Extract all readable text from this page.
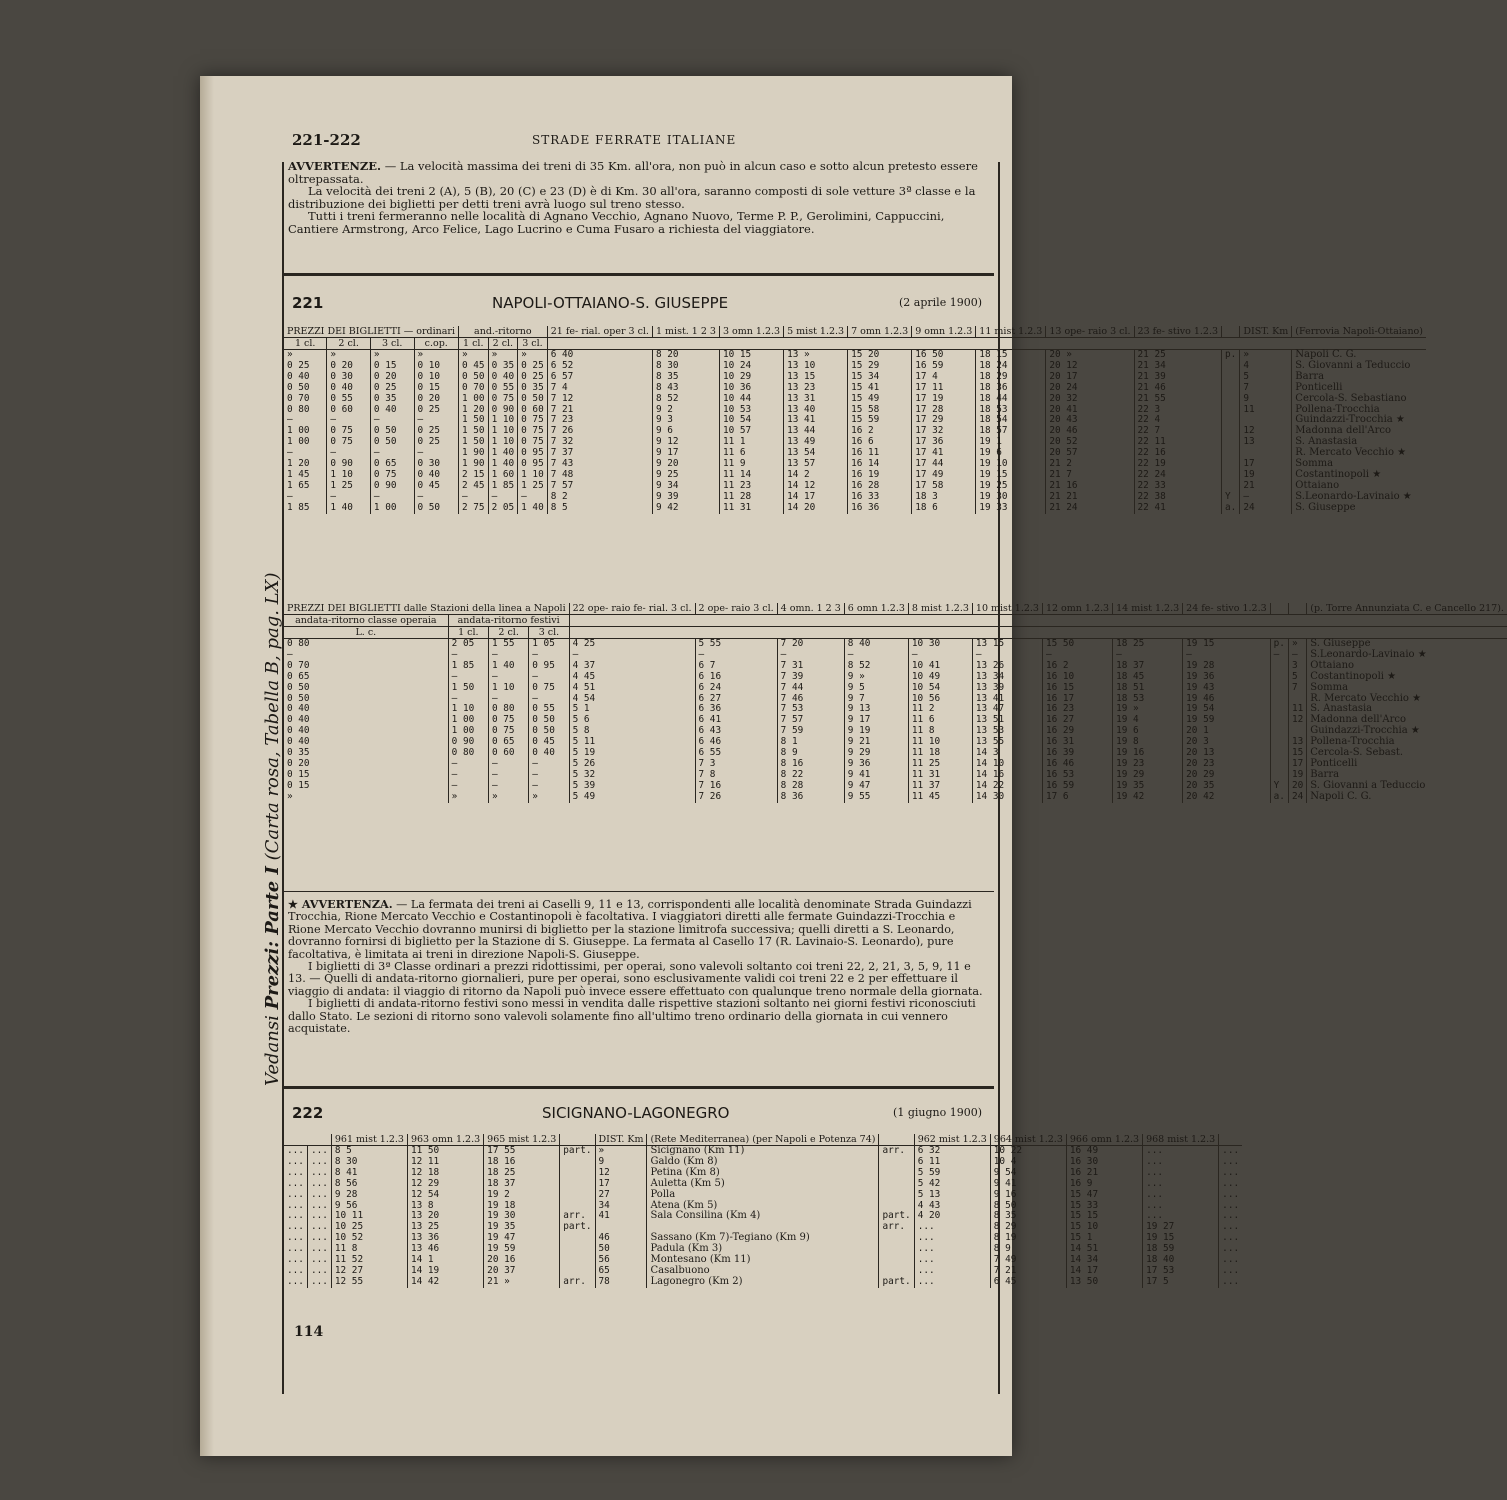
221-222	STRADE FERRATE ITALIANE
Vedansi Prezzi: Parte I (Carta rosa, Tabella B, pag. LX)

AVVERTENZE. — La velocità massima dei treni di 35 Km. all'ora, non può in alcun caso e sotto alcun pretesto essere oltrepassata.

La velocità dei treni 2 (A), 5 (B), 20 (C) e 23 (D) è di Km. 30 all'ora, saranno composti di sole vetture 3ª classe e la distribuzione dei biglietti per detti treni avrà luogo sul treno stesso.

Tutti i treni fermeranno nelle località di Agnano Vecchio, Agnano Nuovo, Terme P. P., Gerolimini, Cappuccini, Cantiere Armstrong, Arco Felice, Lago Lucrino e Cuma Fusaro a richiesta del viaggiatore.

221	NAPOLI-OTTAIANO-S. GIUSEPPE	(2 aprile 1900)
PREZZI DEI BIGLIETTI — ordinari				and.-ritorno			21 fe- rial. oper 3 cl.	1 mist. 1 2 3	3 omn 1.2.3	5 mist 1.2.3	7 omn 1.2.3	9 omn 1.2.3	11 mist 1.2.3	13 ope- raio 3 cl.	23 fe- stivo 1.2.3		DIST. Km	(Ferrovia Napoli-Ottaiano)
1 cl.	2 cl.	3 cl.	c.op.	1 cl.	2 cl.	3 cl.												
»	»	»	»	»	»	»	6 40	8 20	10 15	13 »	15 20	16 50	18 15	20 »	21 25	p.	»	Napoli C. G.
0 25	0 20	0 15	0 10	0 45	0 35	0 25	6 52	8 30	10 24	13 10	15 29	16 59	18 24	20 12	21 34		4	S. Giovanni a Teduccio
0 40	0 30	0 20	0 10	0 50	0 40	0 25	6 57	8 35	10 29	13 15	15 34	17 4	18 29	20 17	21 39		5	Barra
0 50	0 40	0 25	0 15	0 70	0 55	0 35	7 4	8 43	10 36	13 23	15 41	17 11	18 36	20 24	21 46		7	Ponticelli
0 70	0 55	0 35	0 20	1 00	0 75	0 50	7 12	8 52	10 44	13 31	15 49	17 19	18 44	20 32	21 55		9	Cercola-S. Sebastiano
0 80	0 60	0 40	0 25	1 20	0 90	0 60	7 21	9 2	10 53	13 40	15 58	17 28	18 53	20 41	22 3		11	Pollena-Trocchia
—	—	—	—	1 50	1 10	0 75	7 23	9 3	10 54	13 41	15 59	17 29	18 54	20 43	22 4			Guindazzi-Trocchia ★
1 00	0 75	0 50	0 25	1 50	1 10	0 75	7 26	9 6	10 57	13 44	16 2	17 32	18 57	20 46	22 7		12	Madonna dell'Arco
1 00	0 75	0 50	0 25	1 50	1 10	0 75	7 32	9 12	11 1	13 49	16 6	17 36	19 1	20 52	22 11		13	S. Anastasia
—	—	—	—	1 90	1 40	0 95	7 37	9 17	11 6	13 54	16 11	17 41	19 6	20 57	22 16			R. Mercato Vecchio ★
1 20	0 90	0 65	0 30	1 90	1 40	0 95	7 43	9 20	11 9	13 57	16 14	17 44	19 10	21 2	22 19		17	Somma
1 45	1 10	0 75	0 40	2 15	1 60	1 10	7 48	9 25	11 14	14 2	16 19	17 49	19 15	21 7	22 24		19	Costantinopoli ★
1 65	1 25	0 90	0 45	2 45	1 85	1 25	7 57	9 34	11 23	14 12	16 28	17 58	19 25	21 16	22 33		21	Ottaiano
—	—	—	—	—	—	—	8 2	9 39	11 28	14 17	16 33	18 3	19 30	21 21	22 38	Y	—	S.Leonardo-Lavinaio ★
1 85	1 40	1 00	0 50	2 75	2 05	1 40	8 5	9 42	11 31	14 20	16 36	18 6	19 33	21 24	22 41	a.	24	S. Giuseppe
PREZZI DEI BIGLIETTI dalle Stazioni della linea a Napoli				22 ope- raio fe- rial. 3 cl.	2 ope- raio 3 cl.	4 omn. 1 2 3	6 omn 1.2.3	8 mist 1.2.3	10 mist 1.2.3	12 omn 1.2.3	14 mist 1.2.3	24 fe- stivo 1.2.3			(p. Torre Annunziata C. e Cancello 217).
andata-ritorno classe operaia	andata-ritorno festivi														
L. c.	1 cl.	2 cl.	3 cl.												
0 80	2 05	1 55	1 05	4 25	5 55	7 20	8 40	10 30	13 15	15 50	18 25	19 15	p.	»	S. Giuseppe
—	—	—	—	—	—	—	—	—	—	—	—	—	—	—	S.Leonardo-Lavinaio ★
0 70	1 85	1 40	0 95	4 37	6 7	7 31	8 52	10 41	13 26	16 2	18 37	19 28		3	Ottaiano
0 65	—	—	—	4 45	6 16	7 39	9 »	10 49	13 34	16 10	18 45	19 36		5	Costantinopoli ★
0 50	1 50	1 10	0 75	4 51	6 24	7 44	9 5	10 54	13 39	16 15	18 51	19 43		7	Somma
0 50	—	—	—	4 54	6 27	7 46	9 7	10 56	13 41	16 17	18 53	19 46			R. Mercato Vecchio ★
0 40	1 10	0 80	0 55	5 1	6 36	7 53	9 13	11 2	13 47	16 23	19 »	19 54		11	S. Anastasia
0 40	1 00	0 75	0 50	5 6	6 41	7 57	9 17	11 6	13 51	16 27	19 4	19 59		12	Madonna dell'Arco
0 40	1 00	0 75	0 50	5 8	6 43	7 59	9 19	11 8	13 53	16 29	19 6	20 1			Guindazzi-Trocchia ★
0 40	0 90	0 65	0 45	5 11	6 46	8 1	9 21	11 10	13 55	16 31	19 8	20 3		13	Pollena-Trocchia
0 35	0 80	0 60	0 40	5 19	6 55	8 9	9 29	11 18	14 3	16 39	19 16	20 13		15	Cercola-S. Sebast.
0 20	—	—	—	5 26	7 3	8 16	9 36	11 25	14 10	16 46	19 23	20 23		17	Ponticelli
0 15	—	—	—	5 32	7 8	8 22	9 41	11 31	14 16	16 53	19 29	20 29		19	Barra
0 15	—	—	—	5 39	7 16	8 28	9 47	11 37	14 22	16 59	19 35	20 35	Y	20	S. Giovanni a Teduccio
»	»	»	»	5 49	7 26	8 36	9 55	11 45	14 30	17 6	19 42	20 42	a.	24	Napoli C. G.

★ AVVERTENZA. — La fermata dei treni ai Caselli 9, 11 e 13, corrispondenti alle località denominate Strada Guindazzi Trocchia, Rione Mercato Vecchio e Costantinopoli è facoltativa. I viaggiatori diretti alle fermate Guindazzi-Trocchia e Rione Mercato Vecchio dovranno munirsi di biglietto per la stazione limitrofa successiva; quelli diretti a S. Leonardo, dovranno fornirsi di biglietto per la Stazione di S. Giuseppe. La fermata al Casello 17 (R. Lavinaio-S. Leonardo), pure facoltativa, è limitata ai treni in direzione Napoli-S. Giuseppe.

I biglietti di 3ª Classe ordinari a prezzi ridottissimi, per operai, sono valevoli soltanto coi treni 22, 2, 21, 3, 5, 9, 11 e 13. — Quelli di andata-ritorno giornalieri, pure per operai, sono esclusivamente validi coi treni 22 e 2 per effettuare il viaggio di andata: il viaggio di ritorno da Napoli può invece essere effettuato con qualunque treno normale della giornata.

I biglietti di andata-ritorno festivi sono messi in vendita dalle rispettive stazioni soltanto nei giorni festivi riconosciuti dallo Stato. Le sezioni di ritorno sono valevoli solamente fino all'ultimo treno ordinario della giornata in cui vennero acquistate.

222	SICIGNANO-LAGONEGRO	(1 giugno 1900)
		961 mist 1.2.3	963 omn 1.2.3	965 mist 1.2.3		DIST. Km	(Rete Mediterranea) (per Napoli e Potenza 74)		962 mist 1.2.3	964 mist 1.2.3	966 omn 1.2.3	968 mist 1.2.3	
...	...	8 5	11 50	17 55	part.	»	Sicignano (Km 11)	arr.	6 32	10 22	16 49	...	...
...	...	8 30	12 11	18 16		9	Galdo (Km 8)		6 11	10 4	16 30	...	...
...	...	8 41	12 18	18 25		12	Petina (Km 8)		5 59	9 54	16 21	...	...
...	...	8 56	12 29	18 37		17	Auletta (Km 5)		5 42	9 41	16 9	...	...
...	...	9 28	12 54	19 2		27	Polla		5 13	9 16	15 47	...	...
...	...	9 56	13 8	19 18		34	Atena (Km 5)		4 43	8 50	15 33	...	...
...	...	10 11	13 20	19 30	arr.	41	Sala Consilina (Km 4)	part.	4 20	8 35	15 15	...	...
...	...	10 25	13 25	19 35	part.			arr.	...	8 29	15 10	19 27	...
...	...	10 52	13 36	19 47		46	Sassano (Km 7)-Tegiano (Km 9)		...	8 19	15 1	19 15	...
...	...	11 8	13 46	19 59		50	Padula (Km 3)		...	8 9	14 51	18 59	...
...	...	11 52	14 1	20 16		56	Montesano (Km 11)		...	7 49	14 34	18 40	...
...	...	12 27	14 19	20 37		65	Casalbuono		...	7 21	14 17	17 53	...
...	...	12 55	14 42	21 »	arr.	78	Lagonegro (Km 2)	part.	...	6 45	13 50	17 5	...
114
